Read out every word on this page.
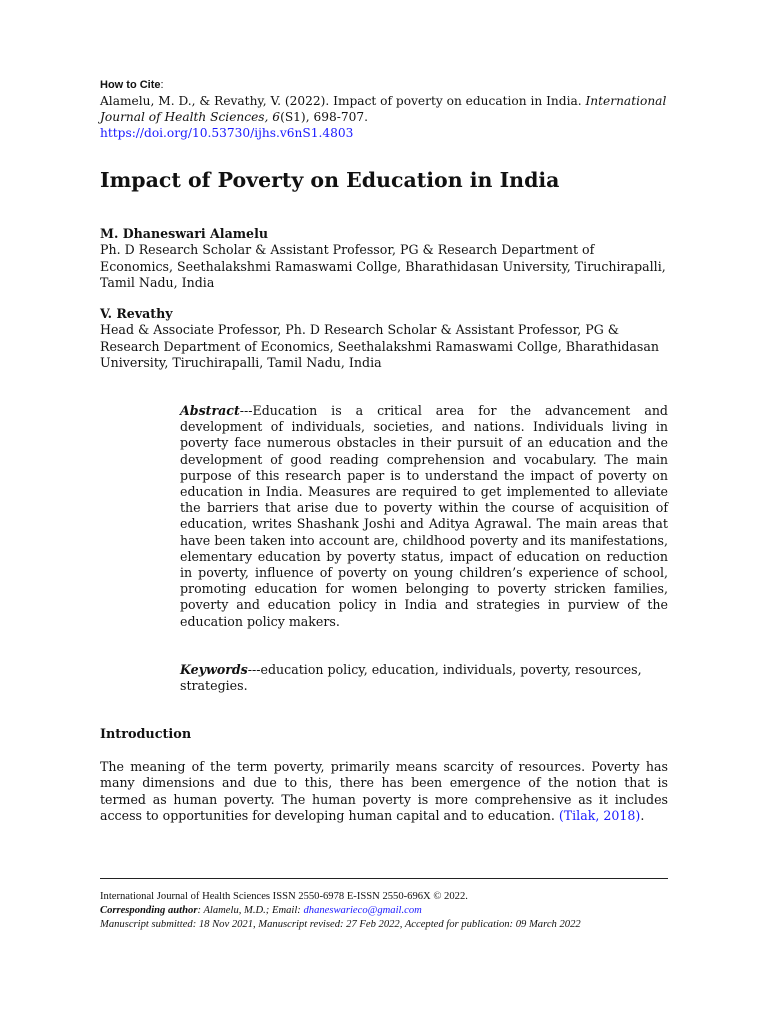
How to Cite:
Alamelu, M. D., & Revathy, V. (2022). Impact of poverty on education in India. International Journal of Health Sciences, 6(S1), 698-707.
https://doi.org/10.53730/ijhs.v6nS1.4803
Impact of Poverty on Education in India
M. Dhaneswari Alamelu
Ph. D Research Scholar & Assistant Professor, PG & Research Department of Economics, Seethalakshmi Ramaswami Collge, Bharathidasan University, Tiruchirapalli, Tamil Nadu, India
V. Revathy
Head & Associate Professor, Ph. D Research Scholar & Assistant Professor, PG & Research Department of Economics, Seethalakshmi Ramaswami Collge, Bharathidasan University, Tiruchirapalli, Tamil Nadu, India
Abstract---Education is a critical area for the advancement and development of individuals, societies, and nations. Individuals living in poverty face numerous obstacles in their pursuit of an education and the development of good reading comprehension and vocabulary. The main purpose of this research paper is to understand the impact of poverty on education in India. Measures are required to get implemented to alleviate the barriers that arise due to poverty within the course of acquisition of education, writes Shashank Joshi and Aditya Agrawal. The main areas that have been taken into account are, childhood poverty and its manifestations, elementary education by poverty status, impact of education on reduction in poverty, influence of poverty on young children’s experience of school, promoting education for women belonging to poverty stricken families, poverty and education policy in India and strategies in purview of the education policy makers.
Keywords---education policy, education, individuals, poverty, resources, strategies.
Introduction

The meaning of the term poverty, primarily means scarcity of resources. Poverty has many dimensions and due to this, there has been emergence of the notion that is termed as human poverty. The human poverty is more comprehensive as it includes access to opportunities for developing human capital and to education. (Tilak, 2018).

International Journal of Health Sciences ISSN 2550-6978 E-ISSN 2550-696X © 2022.
Corresponding author: Alamelu, M.D.; Email: dhaneswarieco@gmail.com
Manuscript submitted: 18 Nov 2021, Manuscript revised: 27 Feb 2022, Accepted for publication: 09 March 2022
